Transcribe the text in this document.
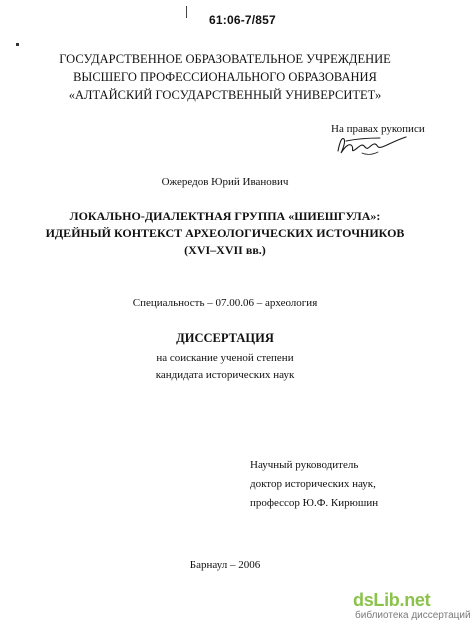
61:06-7/857
ГОСУДАРСТВЕННОЕ ОБРАЗОВАТЕЛЬНОЕ УЧРЕЖДЕНИЕ
ВЫСШЕГО ПРОФЕССИОНАЛЬНОГО ОБРАЗОВАНИЯ
«АЛТАЙСКИЙ ГОСУДАРСТВЕННЫЙ УНИВЕРСИТЕТ»
На правах рукописи
Ожередов Юрий Иванович
ЛОКАЛЬНО-ДИАЛЕКТНАЯ ГРУППА «ШИЕШГУЛА»:
ИДЕЙНЫЙ КОНТЕКСТ АРХЕОЛОГИЧЕСКИХ ИСТОЧНИКОВ
(XVI–XVII вв.)
Специальность – 07.00.06 – археология
ДИССЕРТАЦИЯ
на соискание ученой степени
кандидата исторических наук
Научный руководитель
доктор исторических наук,
профессор Ю.Ф. Кирюшин
Барнаул – 2006
dsLib.net
библиотека диссертаций
